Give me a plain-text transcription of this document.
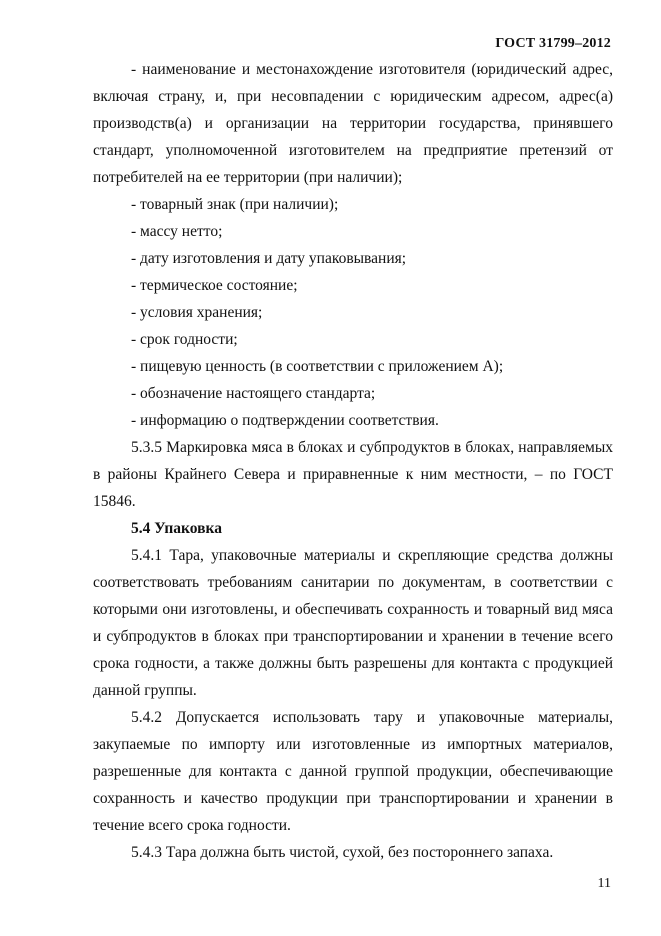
ГОСТ 31799–2012

- наименование и местонахождение изготовителя (юридический адрес, включая страну, и, при несовпадении с юридическим адресом, адрес(а) производств(а) и организации на территории государства, принявшего стандарт, уполномоченной изготовителем на предприятие претензий от потребителей на ее территории (при наличии);

- товарный знак (при наличии);

- массу нетто;

- дату изготовления и дату упаковывания;

- термическое состояние;

- условия хранения;

- срок годности;

- пищевую ценность (в соответствии с приложением А);

- обозначение настоящего стандарта;

- информацию о подтверждении соответствия.

5.3.5 Маркировка мяса в блоках и субпродуктов в блоках, направляемых в районы Крайнего Севера и приравненные к ним местности, – по ГОСТ 15846.

5.4 Упаковка

5.4.1 Тара, упаковочные материалы и скрепляющие средства должны соответствовать требованиям санитарии по документам, в соответствии с которыми они изготовлены, и обеспечивать сохранность и товарный вид мяса и субпродуктов в блоках при транспортировании и хранении в течение всего срока годности, а также должны быть разрешены для контакта с продукцией данной группы.

5.4.2 Допускается использовать тару и упаковочные материалы, закупаемые по импорту или изготовленные из импортных материалов, разрешенные для контакта с данной группой продукции, обеспечивающие сохранность и качество продукции при транспортировании и хранении в течение всего срока годности.

5.4.3 Тара должна быть чистой, сухой, без постороннего запаха.

11
